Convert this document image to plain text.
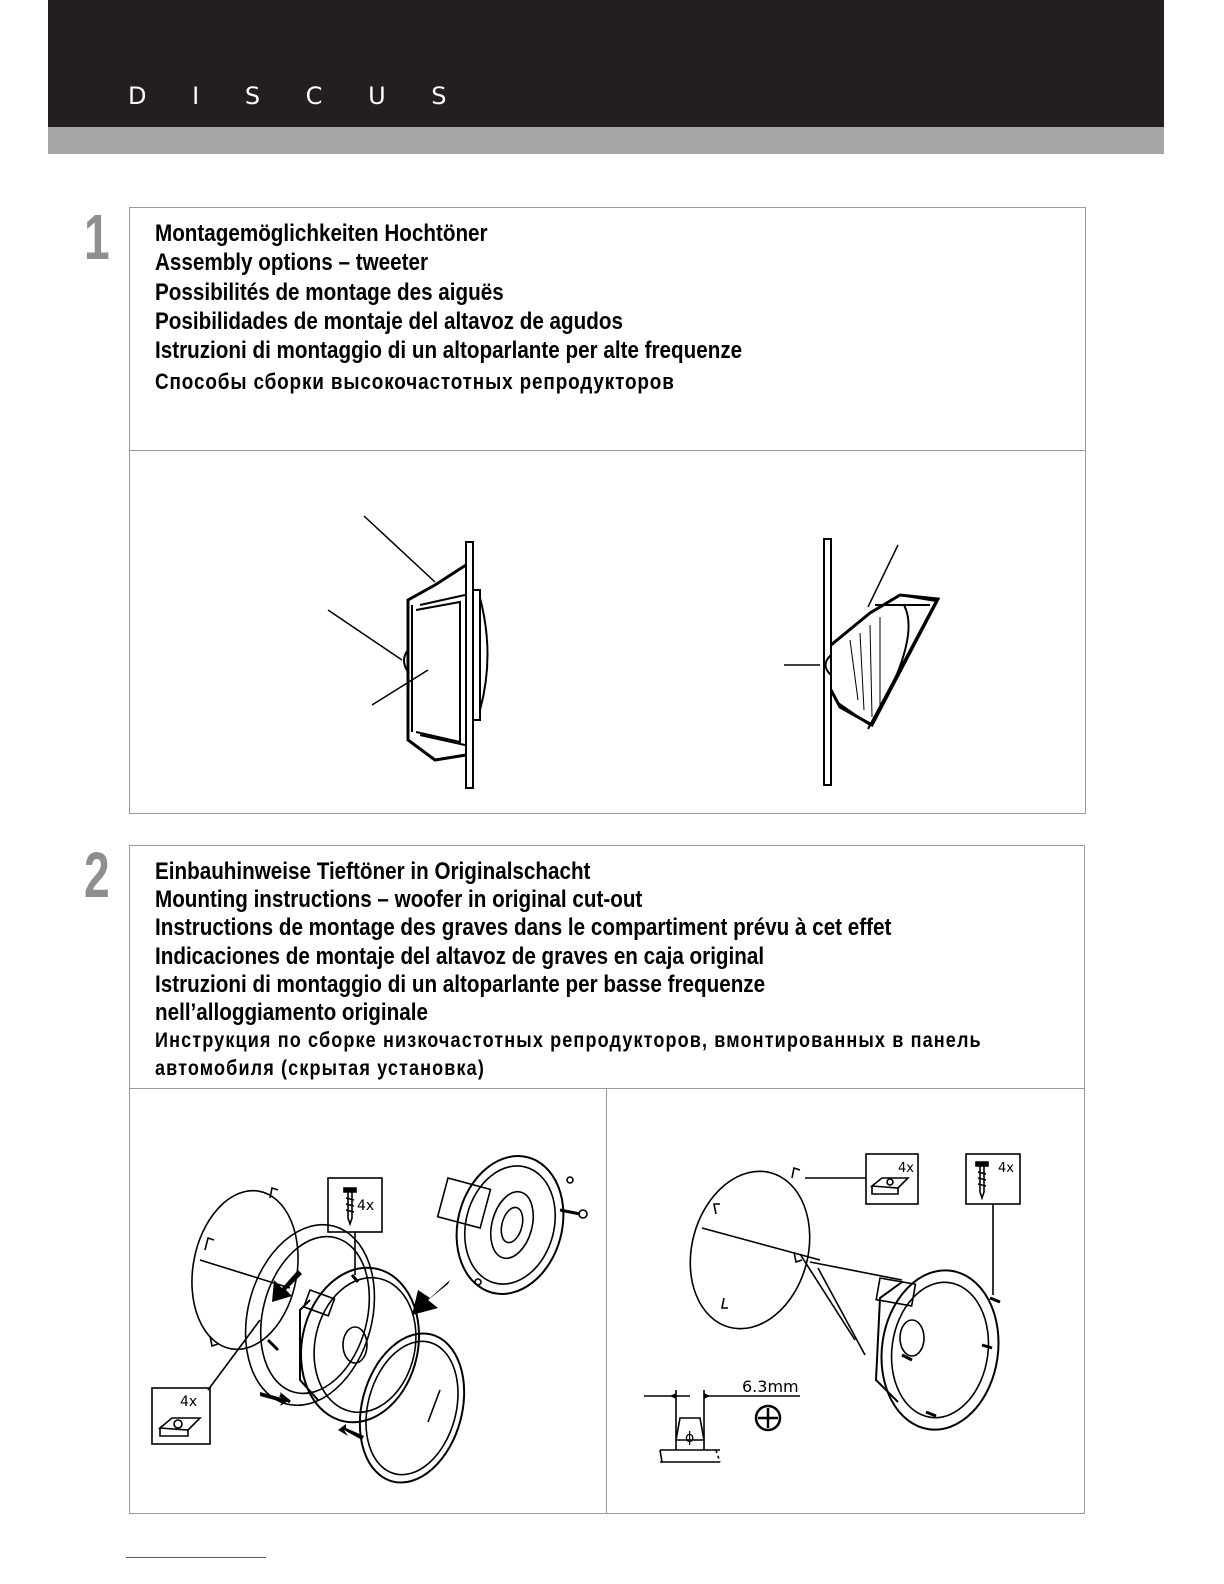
D I S C U S
1 Montagemöglichkeiten Hochtöner
Assembly options – tweeter
Possibilités de montage des aiguës
Posibilidades de montaje del altavoz de agudos
Istruzioni di montaggio di un altoparlante per alte frequenze
Способы сборки высокочастотных репродукторов
2 Einbauhinweise Tieftöner in Originalschacht
Mounting instructions – woofer in original cut-out
Instructions de montage des graves dans le compartiment prévu à cet effet
Indicaciones de montaje del altavoz de graves en caja original
Istruzioni di montaggio di un altoparlante per basse frequenze
nell’alloggiamento originale
Инструкция по сборке низкочастотных репродукторов, вмонтированных в панель
автомобиля (скрытая установка)
4x
4x
4x	4x
6.3mm
ϕ
